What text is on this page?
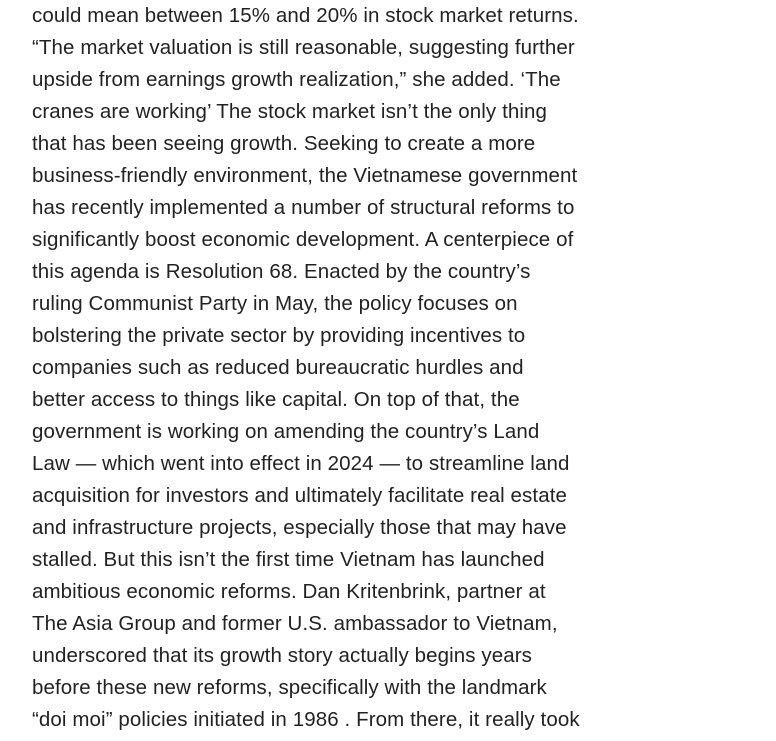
could mean between 15% and 20% in stock market returns.
“The market valuation is still reasonable, suggesting further
upside from earnings growth realization,” she added. ‘The
cranes are working’ The stock market isn’t the only thing
that has been seeing growth. Seeking to create a more
business-friendly environment, the Vietnamese government
has recently implemented a number of structural reforms to
significantly boost economic development. A centerpiece of
this agenda is Resolution 68. Enacted by the country’s
ruling Communist Party in May, the policy focuses on
bolstering the private sector by providing incentives to
companies such as reduced bureaucratic hurdles and
better access to things like capital. On top of that, the
government is working on amending the country’s Land
Law — which went into effect in 2024 — to streamline land
acquisition for investors and ultimately facilitate real estate
and infrastructure projects, especially those that may have
stalled. But this isn’t the first time Vietnam has launched
ambitious economic reforms. Dan Kritenbrink, partner at
The Asia Group and former U.S. ambassador to Vietnam,
underscored that its growth story actually begins years
before these new reforms, specifically with the landmark
“doi moi” policies initiated in 1986 . From there, it really took
